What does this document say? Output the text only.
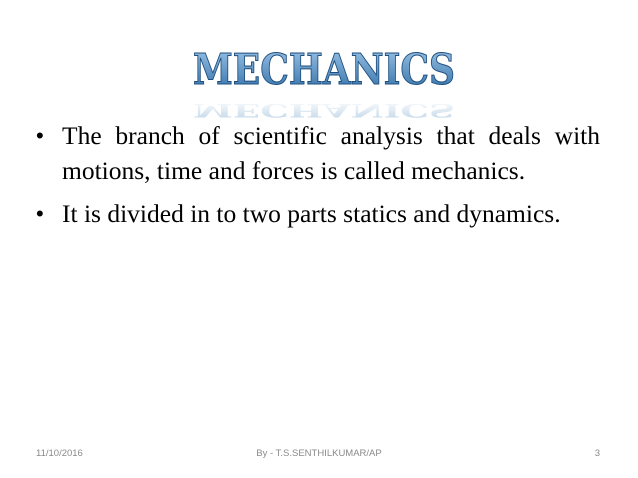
MECHANICS
MECHANICS
• The branch of scientific analysis that deals with motions, time and forces is called mechanics.
• It is divided in to two parts statics and dynamics.
11/10/2016	By - T.S.SENTHILKUMAR/AP	3
